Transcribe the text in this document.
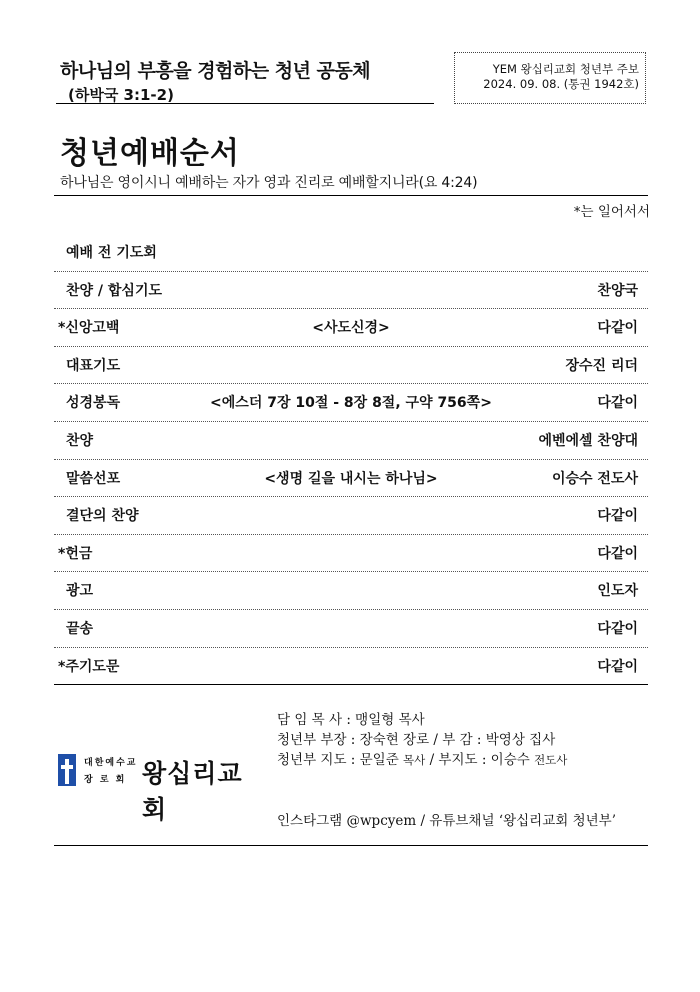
하나님의 부흥을 경험하는 청년 공동체
(하박국 3:1-2)
YEM 왕십리교회 청년부 주보
2024. 09. 08. (통권 1942호)
청년예배순서
하나님은 영이시니 예배하는 자가 영과 진리로 예배할지니라(요 4:24)
*는 일어서서
예배 전 기도회
찬양 / 합심기도	찬양국
*신앙고백	<사도신경>	다같이
대표기도	장수진 리더
성경봉독	<에스더 7장 10절 - 8장 8절, 구약 756쪽>	다같이
찬양	에벤에셀 찬양대
말씀선포	<생명 길을 내시는 하나님>	이승수 전도사
결단의 찬양	다같이
*헌금	다같이
광고	인도자
끝송	다같이
*주기도문	다같이
대한예수교
장 로 회 왕십리교회
담 임 목 사 : 맹일형 목사
청년부 부장 : 장숙현 장로 / 부 감 : 박영상 집사
청년부 지도 : 문일준 목사 / 부지도 : 이승수 전도사
인스타그램 @wpcyem / 유튜브채널 ‘왕십리교회 청년부’
